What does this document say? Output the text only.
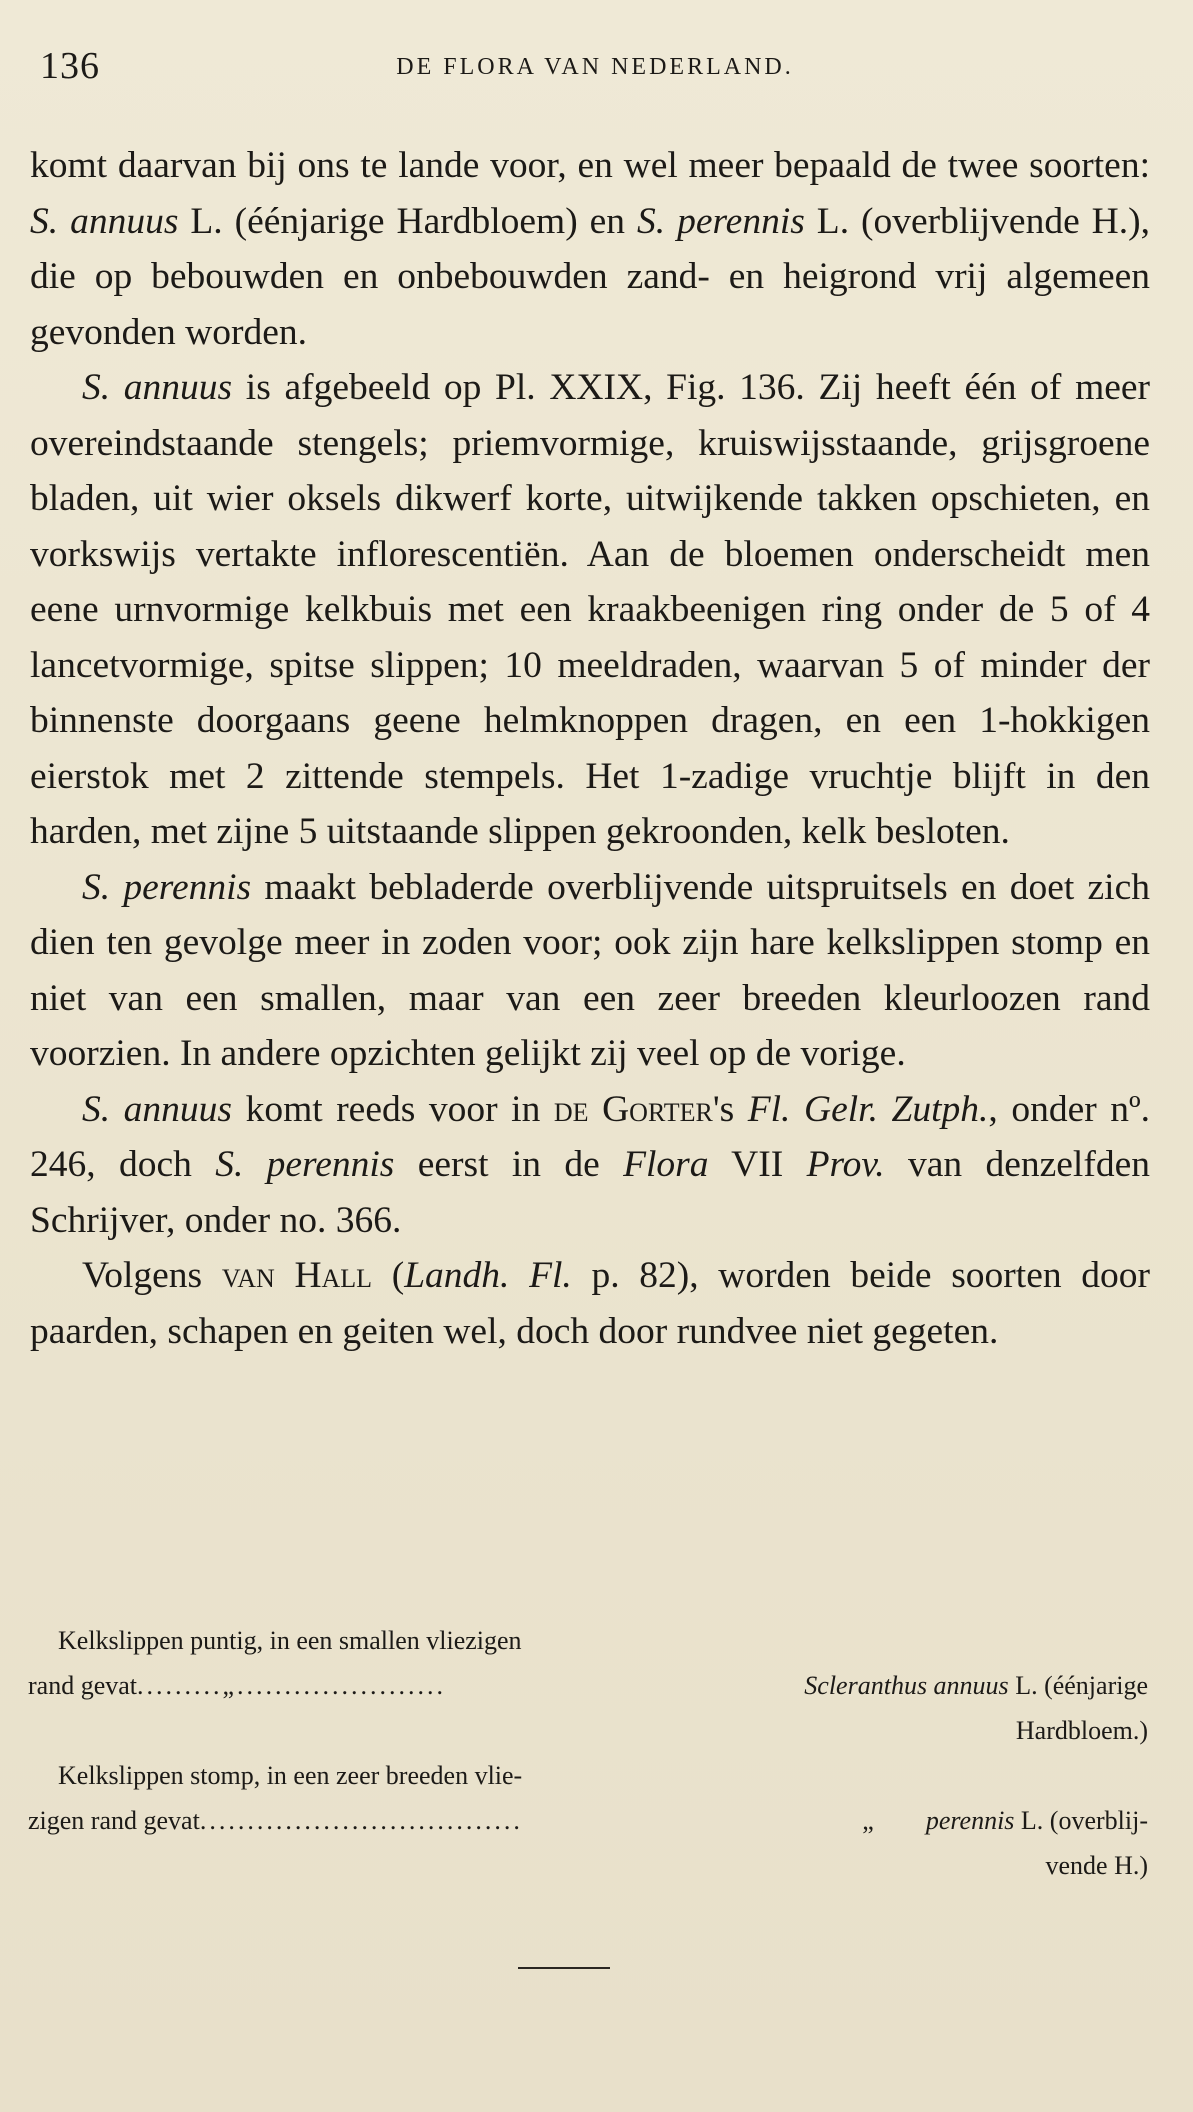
136	DE FLORA VAN NEDERLAND.

komt daarvan bij ons te lande voor, en wel meer bepaald de twee soorten: S. annuus L. (éénjarige Hardbloem) en S. perennis L. (overblijvende H.), die op bebouwden en onbebouwden zand- en heigrond vrij algemeen gevonden worden.

S. annuus is afgebeeld op Pl. XXIX, Fig. 136. Zij heeft één of meer overeindstaande stengels; priemvormige, kruiswijsstaande, grijsgroene bladen, uit wier oksels dikwerf korte, uitwijkende takken opschieten, en vorkswijs vertakte inflorescentiën. Aan de bloemen onderscheidt men eene urnvormige kelkbuis met een kraakbeenigen ring onder de 5 of 4 lancetvormige, spitse slippen; 10 meeldraden, waarvan 5 of minder der binnenste doorgaans geene helmknoppen dragen, en een 1-hokkigen eierstok met 2 zittende stempels. Het 1-zadige vruchtje blijft in den harden, met zijne 5 uitstaande slippen gekroonden, kelk besloten.

S. perennis maakt bebladerde overblijvende uitspruitsels en doet zich dien ten gevolge meer in zoden voor; ook zijn hare kelkslippen stomp en niet van een smallen, maar van een zeer breeden kleurloozen rand voorzien. In andere opzichten gelijkt zij veel op de vorige.

S. annuus komt reeds voor in de Gorter's Fl. Gelr. Zutph., onder nº. 246, doch S. perennis eerst in de Flora VII Prov. van denzelfden Schrijver, onder no. 366.

Volgens van Hall (Landh. Fl. p. 82), worden beide soorten door paarden, schapen en geiten wel, doch door rundvee niet gegeten.

Kelkslippen puntig, in een smallen vliezigen
rand gevat.........„......................	Scleranthus annuus L. (éénjarige
Hardbloem.)
Kelkslippen stomp, in een zeer breeden vlie-
zigen rand gevat..................................	„ perennis L. (overblij-
vende H.)
